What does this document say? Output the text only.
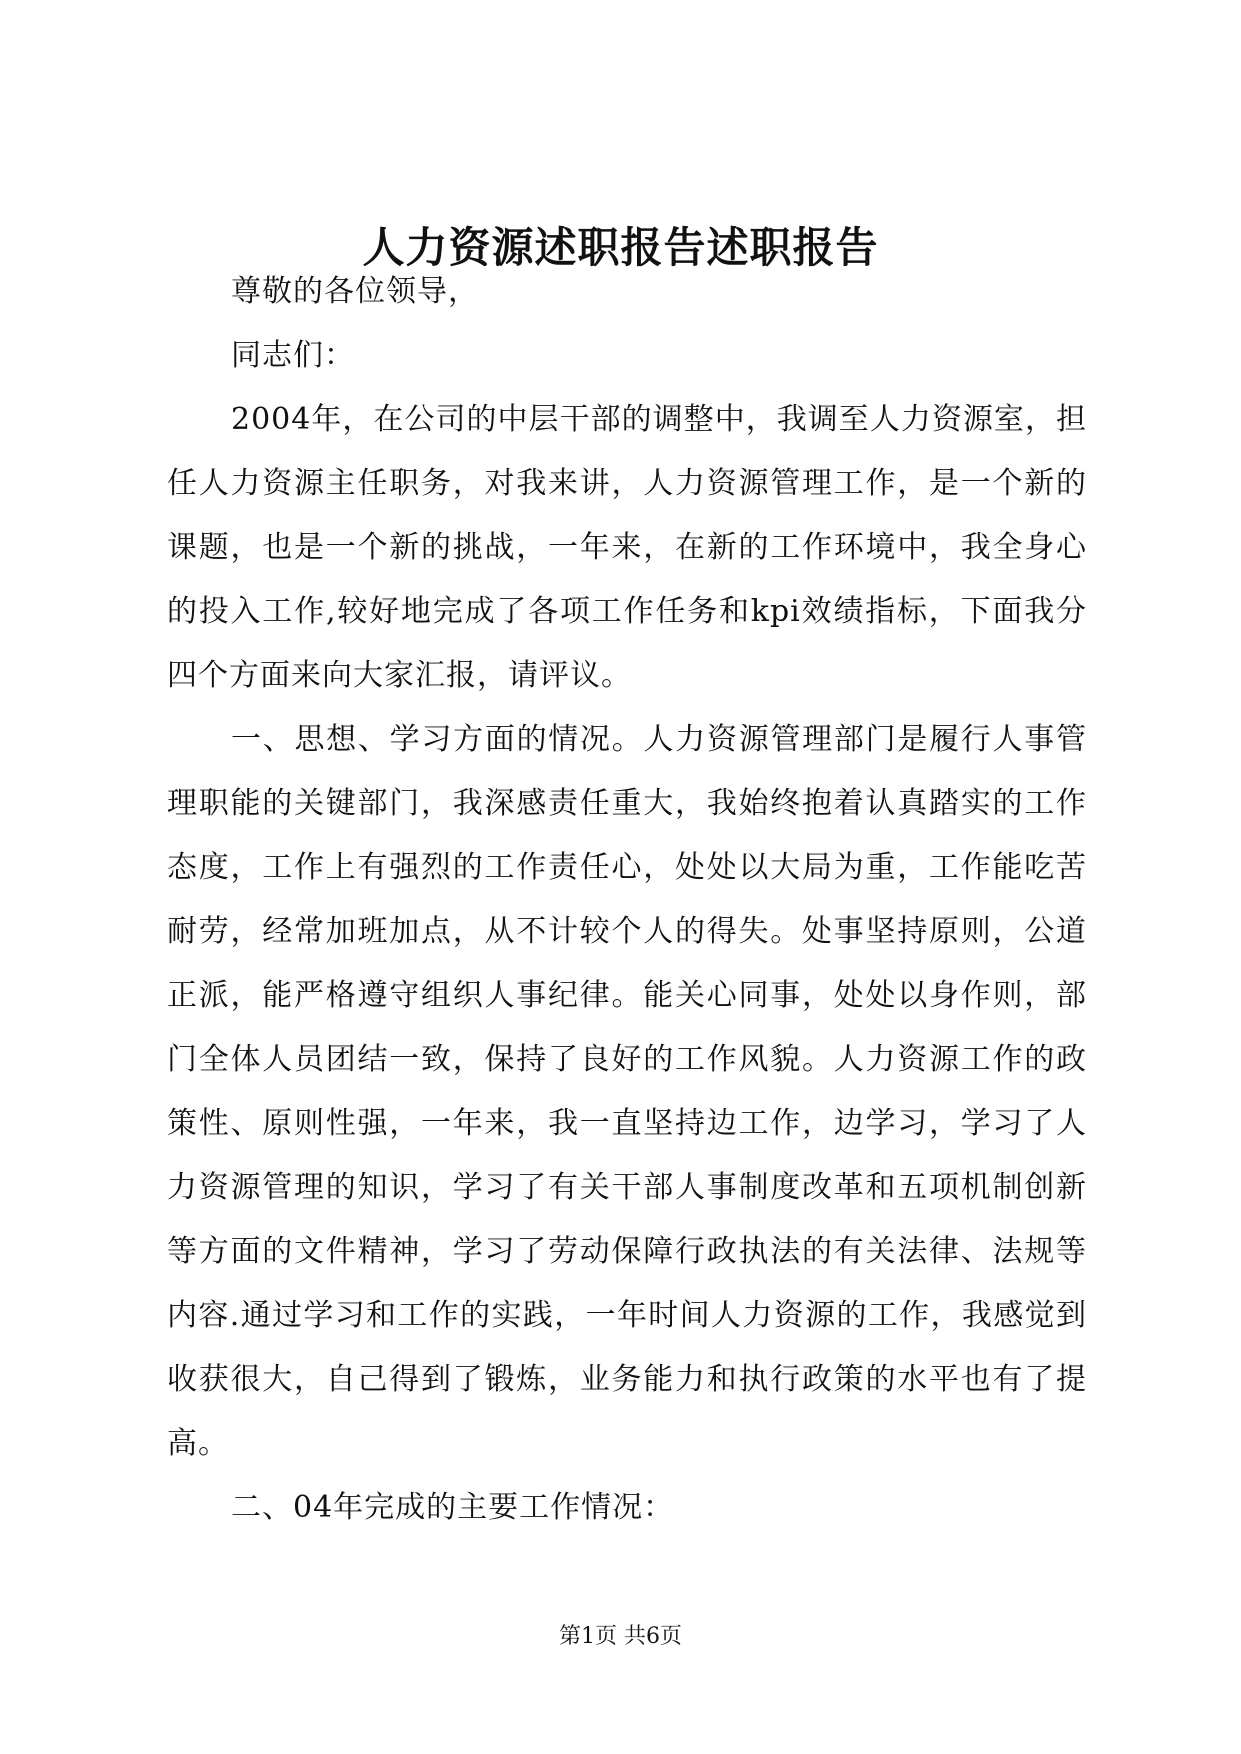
人力资源述职报告述职报告

尊敬的各位领导，

同志们：

2004年，在公司的中层干部的调整中，我调至人力资源室，担任人力资源主任职务，对我来讲，人力资源管理工作，是一个新的课题，也是一个新的挑战，一年来，在新的工作环境中，我全身心的投入工作,较好地完成了各项工作任务和kpi效绩指标，下面我分四个方面来向大家汇报，请评议。

一、思想、学习方面的情况。人力资源管理部门是履行人事管理职能的关键部门，我深感责任重大，我始终抱着认真踏实的工作态度，工作上有强烈的工作责任心，处处以大局为重，工作能吃苦耐劳，经常加班加点，从不计较个人的得失。处事坚持原则，公道正派，能严格遵守组织人事纪律。能关心同事，处处以身作则，部门全体人员团结一致，保持了良好的工作风貌。人力资源工作的政策性、原则性强，一年来，我一直坚持边工作，边学习，学习了人力资源管理的知识，学习了有关干部人事制度改革和五项机制创新等方面的文件精神，学习了劳动保障行政执法的有关法律、法规等内容.通过学习和工作的实践，一年时间人力资源的工作，我感觉到收获很大，自己得到了锻炼，业务能力和执行政策的水平也有了提高。

二、04年完成的主要工作情况：

第1页 共6页
